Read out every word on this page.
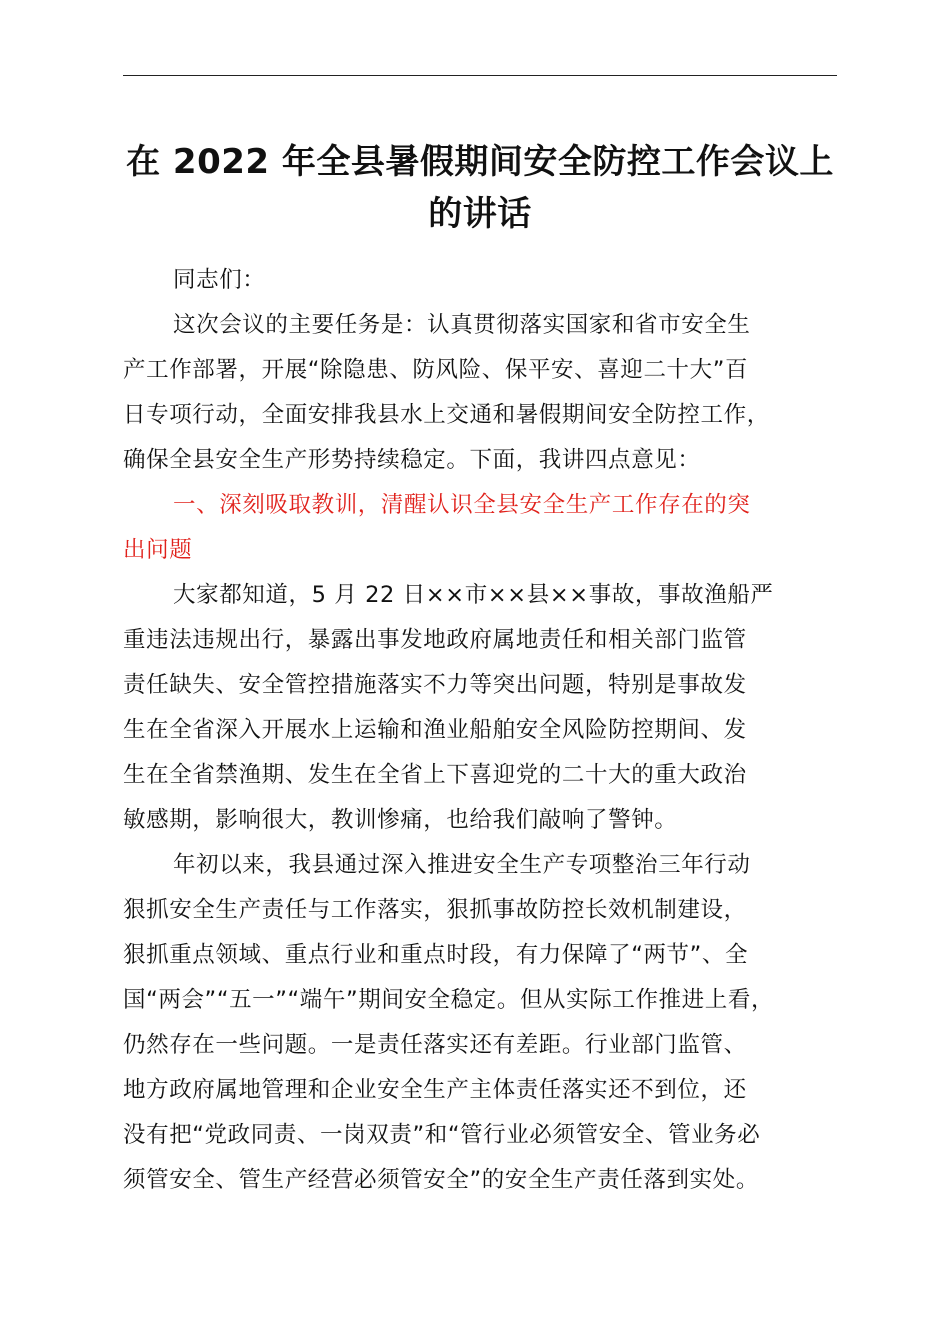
在 2022 年全县暑假期间安全防控工作会议上
的讲话

同志们：

这次会议的主要任务是：认真贯彻落实国家和省市安全生
产工作部署，开展“除隐患、防风险、保平安、喜迎二十大”百
日专项行动，全面安排我县水上交通和暑假期间安全防控工作，
确保全县安全生产形势持续稳定。下面，我讲四点意见：

一、深刻吸取教训，清醒认识全县安全生产工作存在的突
出问题

大家都知道，5 月 22 日××市××县××事故，事故渔船严
重违法违规出行，暴露出事发地政府属地责任和相关部门监管
责任缺失、安全管控措施落实不力等突出问题，特别是事故发
生在全省深入开展水上运输和渔业船舶安全风险防控期间、发
生在全省禁渔期、发生在全省上下喜迎党的二十大的重大政治
敏感期，影响很大，教训惨痛，也给我们敲响了警钟。

年初以来，我县通过深入推进安全生产专项整治三年行动
狠抓安全生产责任与工作落实，狠抓事故防控长效机制建设，
狠抓重点领域、重点行业和重点时段，有力保障了“两节”、全
国“两会”“五一”“端午”期间安全稳定。但从实际工作推进上看，
仍然存在一些问题。一是责任落实还有差距。行业部门监管、
地方政府属地管理和企业安全生产主体责任落实还不到位，还
没有把“党政同责、一岗双责”和“管行业必须管安全、管业务必
须管安全、管生产经营必须管安全”的安全生产责任落到实处。
